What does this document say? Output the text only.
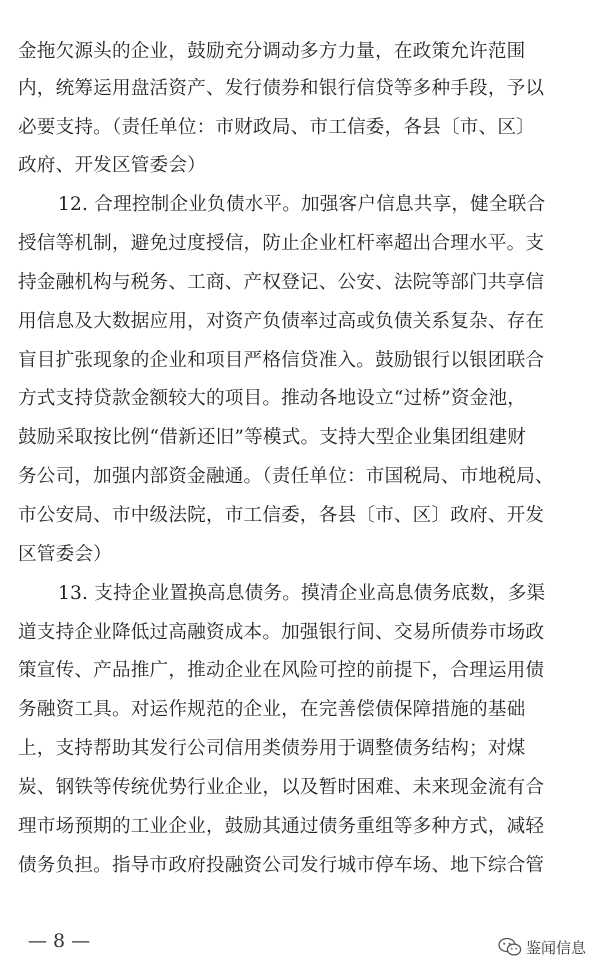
金拖欠源头的企业，鼓励充分调动多方力量，在政策允许范围
内，统筹运用盘活资产、发行债券和银行信贷等多种手段，予以
必要支持。（责任单位：市财政局、市工信委，各县〔市、区〕
政府、开发区管委会）
12. 合理控制企业负债水平。加强客户信息共享，健全联合
授信等机制，避免过度授信，防止企业杠杆率超出合理水平。支
持金融机构与税务、工商、产权登记、公安、法院等部门共享信
用信息及大数据应用，对资产负债率过高或负债关系复杂、存在
盲目扩张现象的企业和项目严格信贷准入。鼓励银行以银团联合
方式支持贷款金额较大的项目。推动各地设立“过桥”资金池，
鼓励采取按比例“借新还旧”等模式。支持大型企业集团组建财
务公司，加强内部资金融通。（责任单位：市国税局、市地税局、
市公安局、市中级法院，市工信委，各县〔市、区〕政府、开发
区管委会）
13. 支持企业置换高息债务。摸清企业高息债务底数，多渠
道支持企业降低过高融资成本。加强银行间、交易所债券市场政
策宣传、产品推广，推动企业在风险可控的前提下，合理运用债
务融资工具。对运作规范的企业，在完善偿债保障措施的基础
上，支持帮助其发行公司信用类债券用于调整债务结构；对煤
炭、钢铁等传统优势行业企业，以及暂时困难、未来现金流有合
理市场预期的工业企业，鼓励其通过债务重组等多种方式，减轻
债务负担。指导市政府投融资公司发行城市停车场、地下综合管
— 8 —	鉴闻信息
